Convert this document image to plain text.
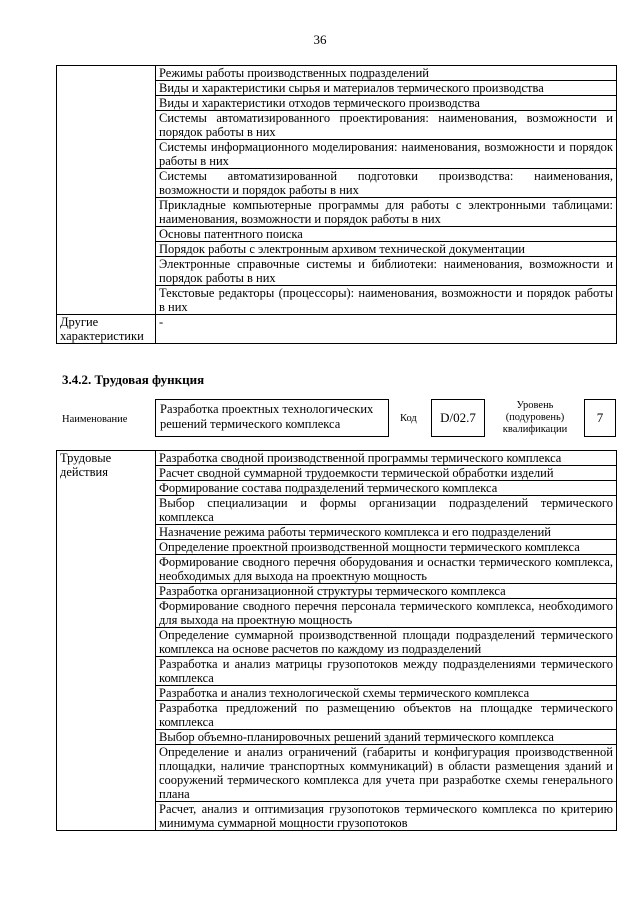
36
	Режимы работы производственных подразделений
	Виды и характеристики сырья и материалов термического производства
	Виды и характеристики отходов термического производства
	Системы автоматизированного проектирования: наименования, возможности и порядок работы в них
	Системы информационного моделирования: наименования, возможности и порядок работы в них
	Системы автоматизированной подготовки производства: наименования, возможности и порядок работы в них
	Прикладные компьютерные программы для работы с электронными таблицами: наименования, возможности и порядок работы в них
	Основы патентного поиска
	Порядок работы с электронным архивом технической документации
	Электронные справочные системы и библиотеки: наименования, возможности и порядок работы в них
	Текстовые редакторы (процессоры): наименования, возможности и порядок работы в них
Другие характеристики	-
3.4.2. Трудовая функция
Наименование
Разработка проектных технологических решений термического комплекса	Код	D/02.7
Уровень (подуровень) квалификации
7
Трудовые действия	Разработка сводной производственной программы термического комплекса
Расчет сводной суммарной трудоемкости термической обработки изделий
Формирование состава подразделений термического комплекса
Выбор специализации и формы организации подразделений термического комплекса
Назначение режима работы термического комплекса и его подразделений
Определение проектной производственной мощности термического комплекса
Формирование сводного перечня оборудования и оснастки термического комплекса, необходимых для выхода на проектную мощность
Разработка организационной структуры термического комплекса
Формирование сводного перечня персонала термического комплекса, необходимого для выхода на проектную мощность
Определение суммарной производственной площади подразделений термического комплекса на основе расчетов по каждому из подразделений
Разработка и анализ матрицы грузопотоков между подразделениями термического комплекса
Разработка и анализ технологической схемы термического комплекса
Разработка предложений по размещению объектов на площадке термического комплекса
Выбор объемно-планировочных решений зданий термического комплекса
Определение и анализ ограничений (габариты и конфигурация производственной площадки, наличие транспортных коммуникаций) в области размещения зданий и сооружений термического комплекса для учета при разработке схемы генерального плана
Расчет, анализ и оптимизация грузопотоков термического комплекса по критерию минимума суммарной мощности грузопотоков
